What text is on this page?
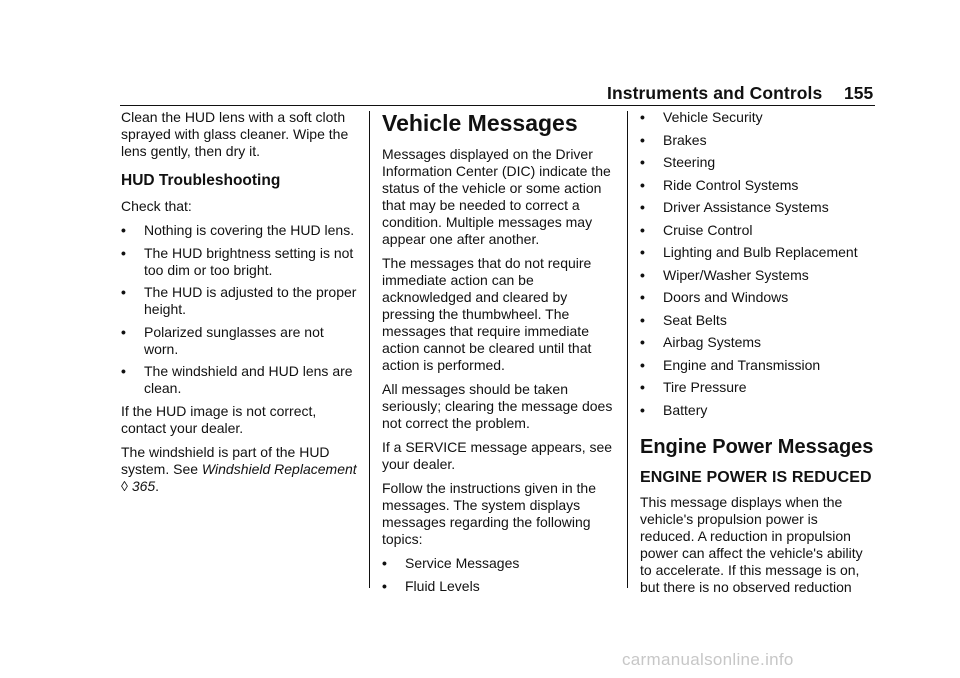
Instruments and Controls 155

Clean the HUD lens with a soft cloth sprayed with glass cleaner. Wipe the lens gently, then dry it.

HUD Troubleshooting

Check that:

•	Nothing is covering the HUD lens.
•	The HUD brightness setting is not too dim or too bright.
•	The HUD is adjusted to the proper height.
•	Polarized sunglasses are not worn.
•	The windshield and HUD lens are clean.

If the HUD image is not correct, contact your dealer.

The windshield is part of the HUD system. See Windshield Replacement ◊ 365.

Vehicle Messages

Messages displayed on the Driver Information Center (DIC) indicate the status of the vehicle or some action that may be needed to correct a condition. Multiple messages may appear one after another.

The messages that do not require immediate action can be acknowledged and cleared by pressing the thumbwheel. The messages that require immediate action cannot be cleared until that action is performed.

All messages should be taken seriously; clearing the message does not correct the problem.

If a SERVICE message appears, see your dealer.

Follow the instructions given in the messages. The system displays messages regarding the following topics:

•	Service Messages
•	Fluid Levels
•	Vehicle Security
•	Brakes
•	Steering
•	Ride Control Systems
•	Driver Assistance Systems
•	Cruise Control
•	Lighting and Bulb Replacement
•	Wiper/Washer Systems
•	Doors and Windows
•	Seat Belts
•	Airbag Systems
•	Engine and Transmission
•	Tire Pressure
•	Battery
Engine Power Messages
ENGINE POWER IS REDUCED

This message displays when the vehicle's propulsion power is reduced. A reduction in propulsion power can affect the vehicle's ability to accelerate. If this message is on, but there is no observed reduction

carmanualsonline.info
